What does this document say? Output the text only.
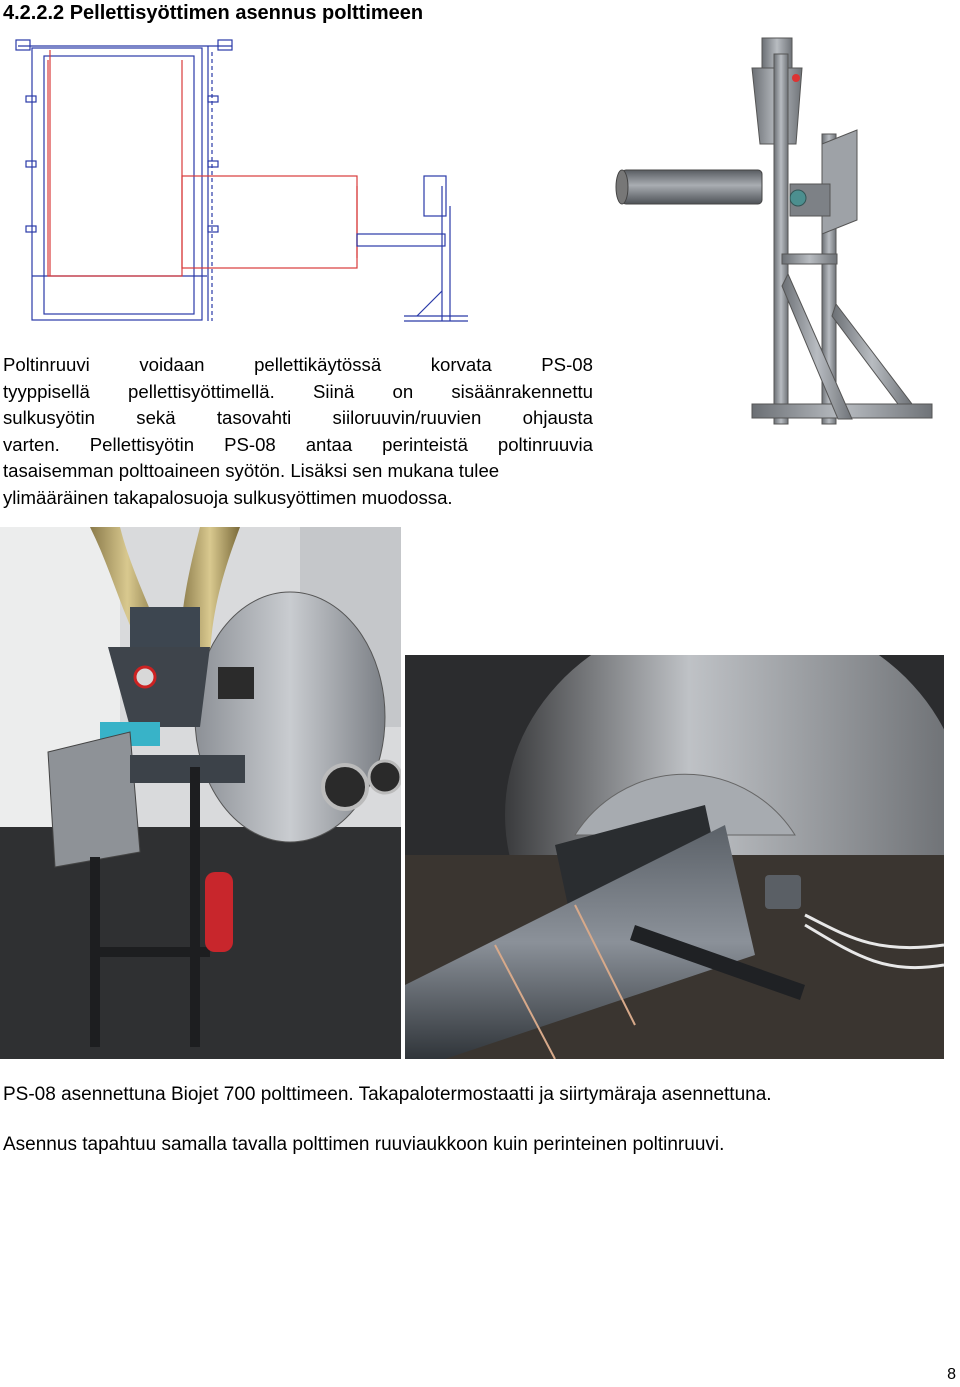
4.2.2.2 Pellettisyöttimen asennus polttimeen
Poltinruuvi	voidaan	pellettikäytössä	korvata	PS-08
tyyppisellä pellettisyöttimellä. Siinä on sisäänrakennettu
sulkusyötin sekä tasovahti siiloruuvin/ruuvien ohjausta
varten. Pellettisyötin PS-08 antaa perinteistä poltinruuvia
tasaisemman polttoaineen syötön. Lisäksi sen mukana tulee
ylimääräinen takapalosuoja sulkusyöttimen muodossa.
PS-08 asennettuna Biojet 700 polttimeen. Takapalotermostaatti ja siirtymäraja asennettuna.
Asennus tapahtuu samalla tavalla polttimen ruuviaukkoon kuin perinteinen poltinruuvi.
8
